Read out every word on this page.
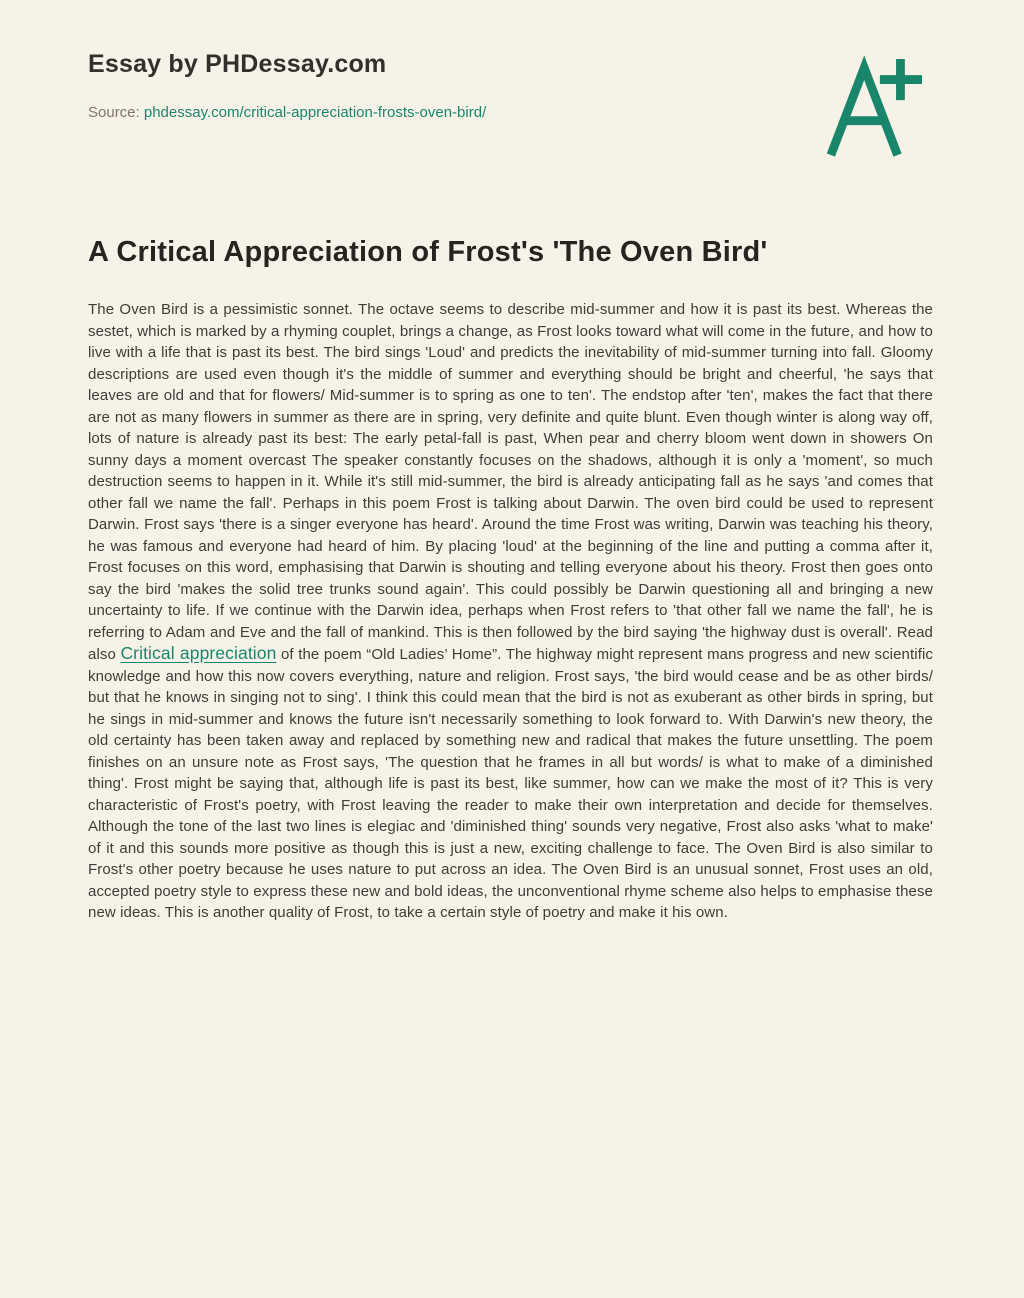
Essay by PHDessay.com
Source: phdessay.com/critical-appreciation-frosts-oven-bird/
A Critical Appreciation of Frost's 'The Oven Bird'

The Oven Bird is a pessimistic sonnet. The octave seems to describe mid-summer and how it is past its best. Whereas the sestet, which is marked by a rhyming couplet, brings a change, as Frost looks toward what will come in the future, and how to live with a life that is past its best. The bird sings 'Loud' and predicts the inevitability of mid-summer turning into fall. Gloomy descriptions are used even though it's the middle of summer and everything should be bright and cheerful, 'he says that leaves are old and that for flowers/ Mid-summer is to spring as one to ten'. The endstop after 'ten', makes the fact that there are not as many flowers in summer as there are in spring, very definite and quite blunt. Even though winter is along way off, lots of nature is already past its best: The early petal-fall is past, When pear and cherry bloom went down in showers On sunny days a moment overcast The speaker constantly focuses on the shadows, although it is only a 'moment', so much destruction seems to happen in it. While it's still mid-summer, the bird is already anticipating fall as he says 'and comes that other fall we name the fall'. Perhaps in this poem Frost is talking about Darwin. The oven bird could be used to represent Darwin. Frost says 'there is a singer everyone has heard'. Around the time Frost was writing, Darwin was teaching his theory, he was famous and everyone had heard of him. By placing 'loud' at the beginning of the line and putting a comma after it, Frost focuses on this word, emphasising that Darwin is shouting and telling everyone about his theory. Frost then goes onto say the bird 'makes the solid tree trunks sound again'. This could possibly be Darwin questioning all and bringing a new uncertainty to life. If we continue with the Darwin idea, perhaps when Frost refers to 'that other fall we name the fall', he is referring to Adam and Eve and the fall of mankind. This is then followed by the bird saying 'the highway dust is overall'. Read also Critical appreciation of the poem “Old Ladies’ Home”. The highway might represent mans progress and new scientific knowledge and how this now covers everything, nature and religion. Frost says, 'the bird would cease and be as other birds/ but that he knows in singing not to sing'. I think this could mean that the bird is not as exuberant as other birds in spring, but he sings in mid-summer and knows the future isn't necessarily something to look forward to. With Darwin's new theory, the old certainty has been taken away and replaced by something new and radical that makes the future unsettling. The poem finishes on an unsure note as Frost says, 'The question that he frames in all but words/ is what to make of a diminished thing'. Frost might be saying that, although life is past its best, like summer, how can we make the most of it? This is very characteristic of Frost's poetry, with Frost leaving the reader to make their own interpretation and decide for themselves. Although the tone of the last two lines is elegiac and 'diminished thing' sounds very negative, Frost also asks 'what to make' of it and this sounds more positive as though this is just a new, exciting challenge to face. The Oven Bird is also similar to Frost's other poetry because he uses nature to put across an idea. The Oven Bird is an unusual sonnet, Frost uses an old, accepted poetry style to express these new and bold ideas, the unconventional rhyme scheme also helps to emphasise these new ideas. This is another quality of Frost, to take a certain style of poetry and make it his own.
